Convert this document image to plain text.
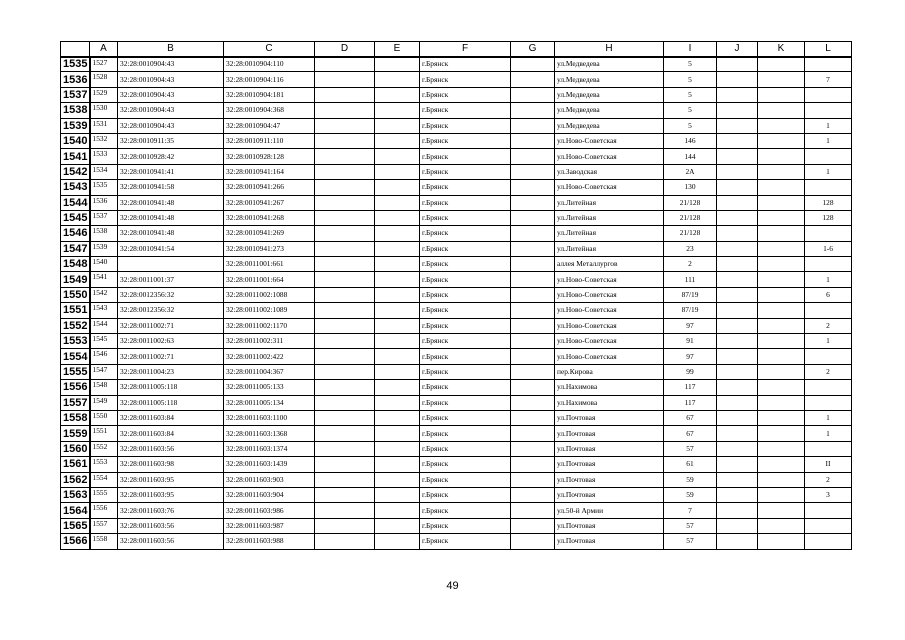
	A	B	C	D	E	F	G	H	I	J	K	L
1535	1527	32:28:0010904:43	32:28:0010904:110			г.Брянск		ул.Медведева	5			
1536	1528	32:28:0010904:43	32:28:0010904:116			г.Брянск		ул.Медведева	5			7
1537	1529	32:28:0010904:43	32:28:0010904:181			г.Брянск		ул.Медведева	5			
1538	1530	32:28:0010904:43	32:28:0010904:368			г.Брянск		ул.Медведева	5			
1539	1531	32:28:0010904:43	32:28:0010904:47			г.Брянск		ул.Медведева	5			1
1540	1532	32:28:0010911:35	32:28:0010911:110			г.Брянск		ул.Ново-Советская	146			1
1541	1533	32:28:0010928:42	32:28:0010928:128			г.Брянск		ул.Ново-Советская	144			
1542	1534	32:28:0010941:41	32:28:0010941:164			г.Брянск		ул.Заводская	2А			1
1543	1535	32:28:0010941:58	32:28:0010941:266			г.Брянск		ул.Ново-Советская	130			
1544	1536	32:28:0010941:48	32:28:0010941:267			г.Брянск		ул.Литейная	21/128			128
1545	1537	32:28:0010941:48	32:28:0010941:268			г.Брянск		ул.Литейная	21/128			128
1546	1538	32:28:0010941:48	32:28:0010941:269			г.Брянск		ул.Литейная	21/128			
1547	1539	32:28:0010941:54	32:28:0010941:273			г.Брянск		ул.Литейная	23			1-6
1548	1540		32:28:0011001:661			г.Брянск		аллея Металлургов	2			
1549	1541	32:28:0011001:37	32:28:0011001:664			г.Брянск		ул.Ново-Советская	111			1
1550	1542	32:28:0012356:32	32:28:0011002:1088			г.Брянск		ул.Ново-Советская	87/19			6
1551	1543	32:28:0012356:32	32:28:0011002:1089			г.Брянск		ул.Ново-Советская	87/19			
1552	1544	32:28:0011002:71	32:28:0011002:1170			г.Брянск		ул.Ново-Советская	97			2
1553	1545	32:28:0011002:63	32:28:0011002:311			г.Брянск		ул.Ново-Советская	91			1
1554	1546	32:28:0011002:71	32:28:0011002:422			г.Брянск		ул.Ново-Советская	97			
1555	1547	32:28:0011004:23	32:28:0011004:367			г.Брянск		пер.Кирова	99			2
1556	1548	32:28:0011005:118	32:28:0011005:133			г.Брянск		ул.Нахимова	117			
1557	1549	32:28:0011005:118	32:28:0011005:134			г.Брянск		ул.Нахимова	117			
1558	1550	32:28:0011603:84	32:28:0011603:1100			г.Брянск		ул.Почтовая	67			1
1559	1551	32:28:0011603:84	32:28:0011603:1368			г.Брянск		ул.Почтовая	67			1
1560	1552	32:28:0011603:56	32:28:0011603:1374			г.Брянск		ул.Почтовая	57			
1561	1553	32:28:0011603:98	32:28:0011603:1439			г.Брянск		ул.Почтовая	61			II
1562	1554	32:28:0011603:95	32:28:0011603:903			г.Брянск		ул.Почтовая	59			2
1563	1555	32:28:0011603:95	32:28:0011603:904			г.Брянск		ул.Почтовая	59			3
1564	1556	32:28:0011603:76	32:28:0011603:986			г.Брянск		ул.50-й Армии	7			
1565	1557	32:28:0011603:56	32:28:0011603:987			г.Брянск		ул.Почтовая	57			
1566	1558	32:28:0011603:56	32:28:0011603:988			г.Брянск		ул.Почтовая	57			
49
